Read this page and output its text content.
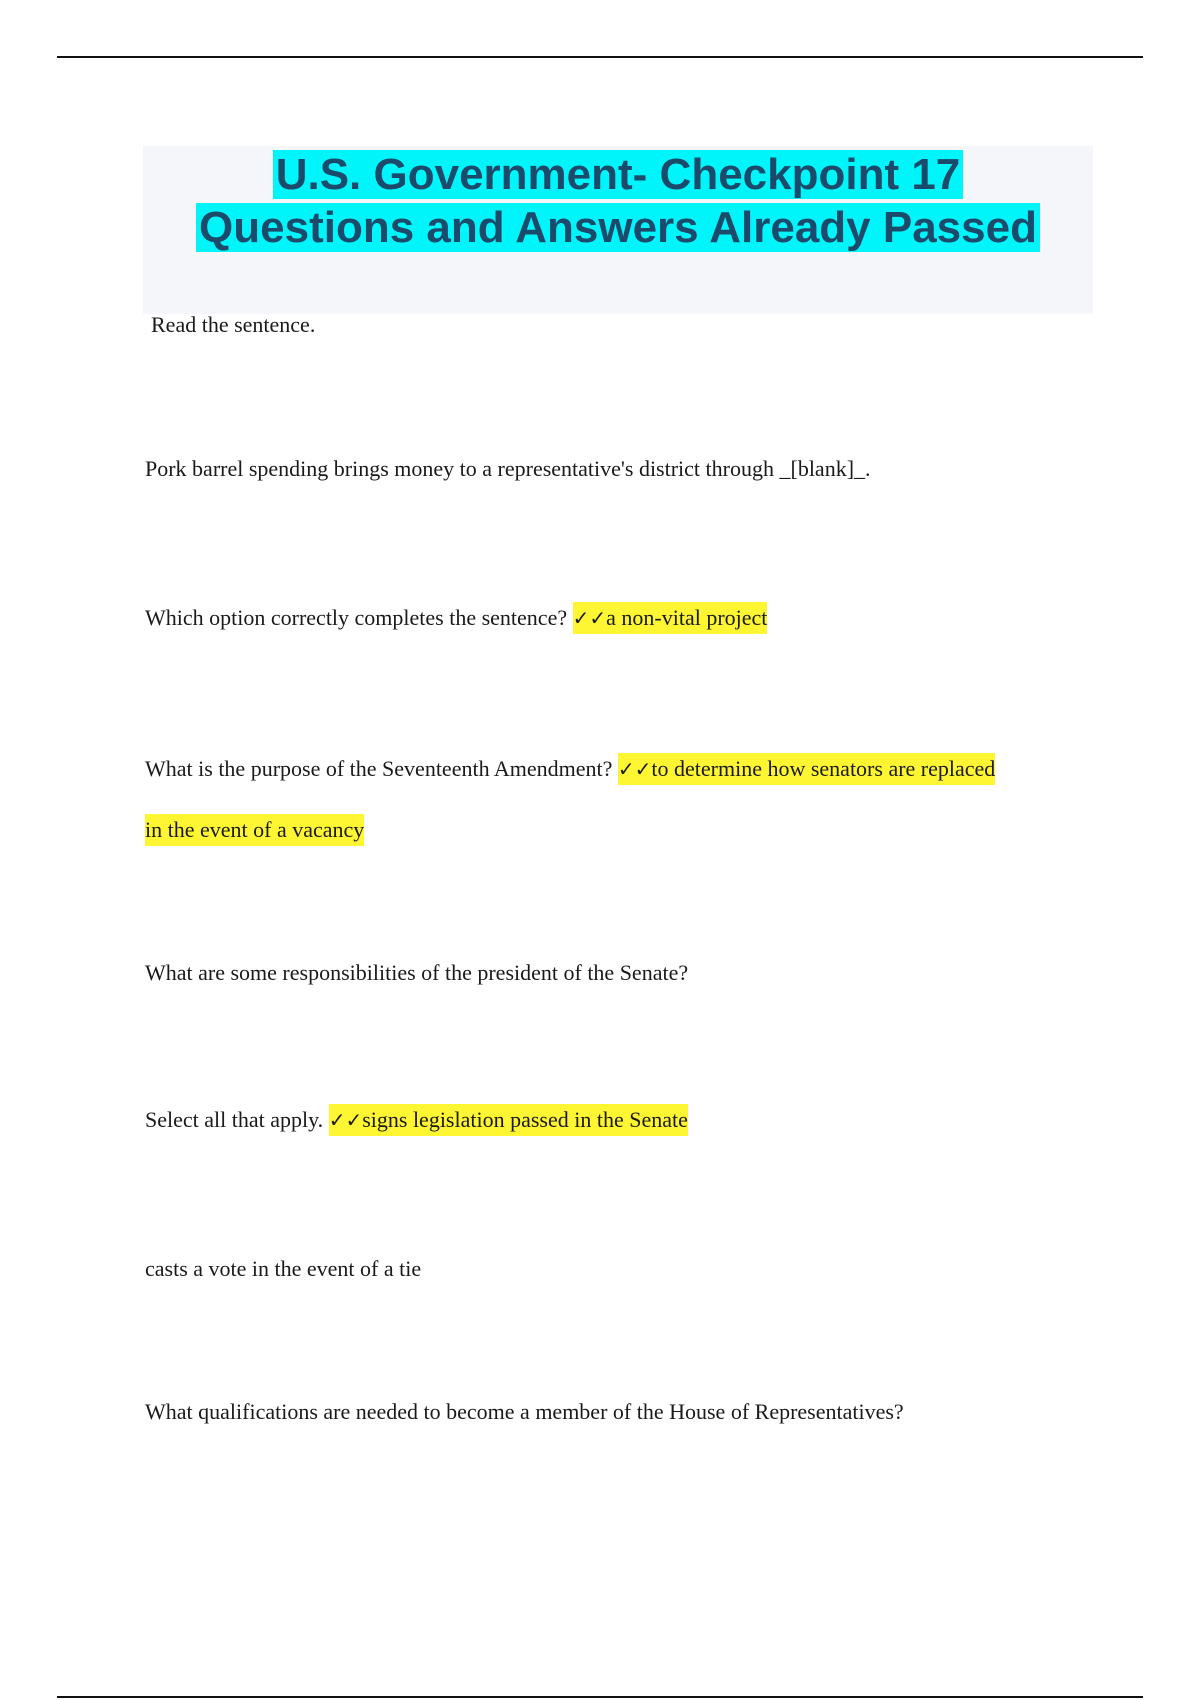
U.S. Government- Checkpoint 17
Questions and Answers Already Passed
Read the sentence.
Pork barrel spending brings money to a representative's district through _[blank]_.
Which option correctly completes the sentence? ✓✓a non-vital project
What is the purpose of the Seventeenth Amendment? ✓✓to determine how senators are replaced
in the event of a vacancy
What are some responsibilities of the president of the Senate?
Select all that apply. ✓✓signs legislation passed in the Senate
casts a vote in the event of a tie
What qualifications are needed to become a member of the House of Representatives?
